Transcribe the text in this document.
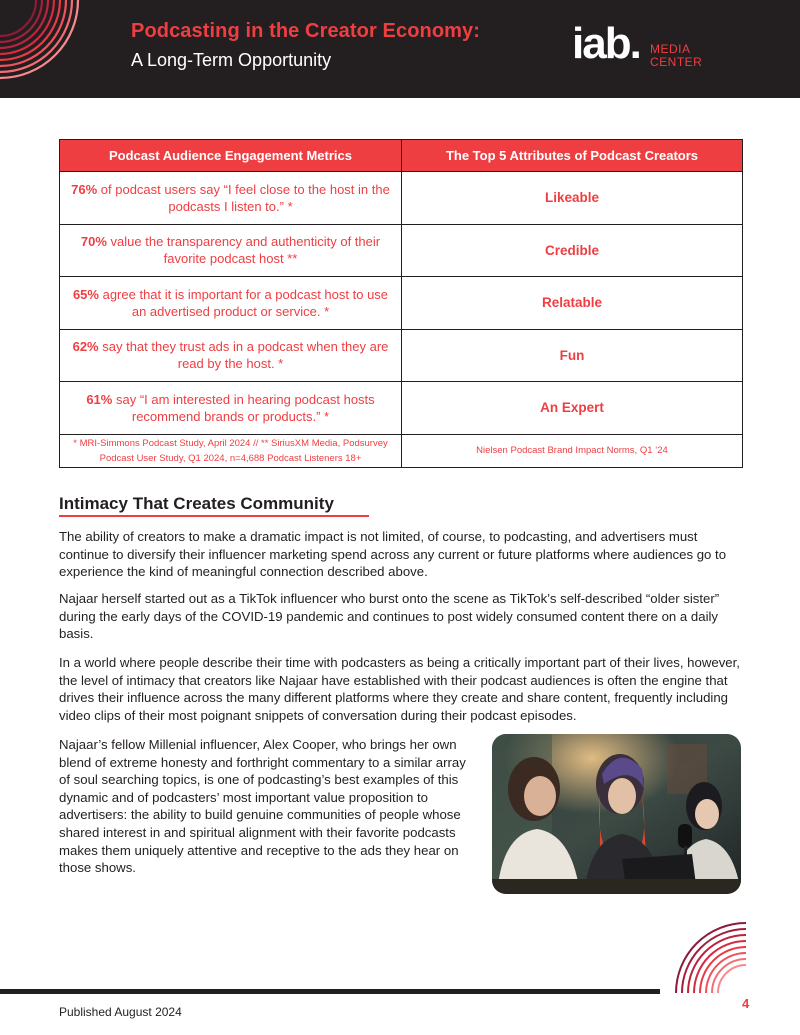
Podcasting in the Creator Economy:
A Long-Term Opportunity	iab. MEDIA
CENTER
Podcast Audience Engagement Metrics	The Top 5 Attributes of Podcast Creators
76% of podcast users say “I feel close to the host in the podcasts I listen to.” *	Likeable
70% value the transparency and authenticity of their favorite podcast host **	Credible
65% agree that it is important for a podcast host to use an advertised product or service. *	Relatable
62% say that they trust ads in a podcast when they are read by the host. *	Fun
61% say “I am interested in hearing podcast hosts recommend brands or products.” *	An Expert
* MRI-Simmons Podcast Study, April 2024 // ** SiriusXM Media, Podsurvey Podcast User Study, Q1 2024, n=4,688 Podcast Listeners 18+	Nielsen Podcast Brand Impact Norms, Q1 ’24
Intimacy That Creates Community

The ability of creators to make a dramatic impact is not limited, of course, to podcasting, and advertisers must continue to diversify their influencer marketing spend across any current or future platforms where audiences go to experience the kind of meaningful connection described above.

Najaar herself started out as a TikTok influencer who burst onto the scene as TikTok’s self-described “older sister” during the early days of the COVID-19 pandemic and continues to post widely consumed content there on a daily basis.

In a world where people describe their time with podcasters as being a critically important part of their lives, however, the level of intimacy that creators like Najaar have established with their podcast audiences is often the engine that drives their influence across the many different platforms where they create and share content, frequently including video clips of their most poignant snippets of conversation during their podcast episodes.

Najaar’s fellow Millenial influencer, Alex Cooper, who brings her own blend of extreme honesty and forthright commentary to a similar array of soul searching topics, is one of podcasting’s best examples of this dynamic and of podcasters’ most important value proposition to advertisers: the ability to build genuine communities of people whose shared interest in and spiritual alignment with their favorite podcasts makes them uniquely attentive and receptive to the ads they hear on those shows.

Published August 2024
4
